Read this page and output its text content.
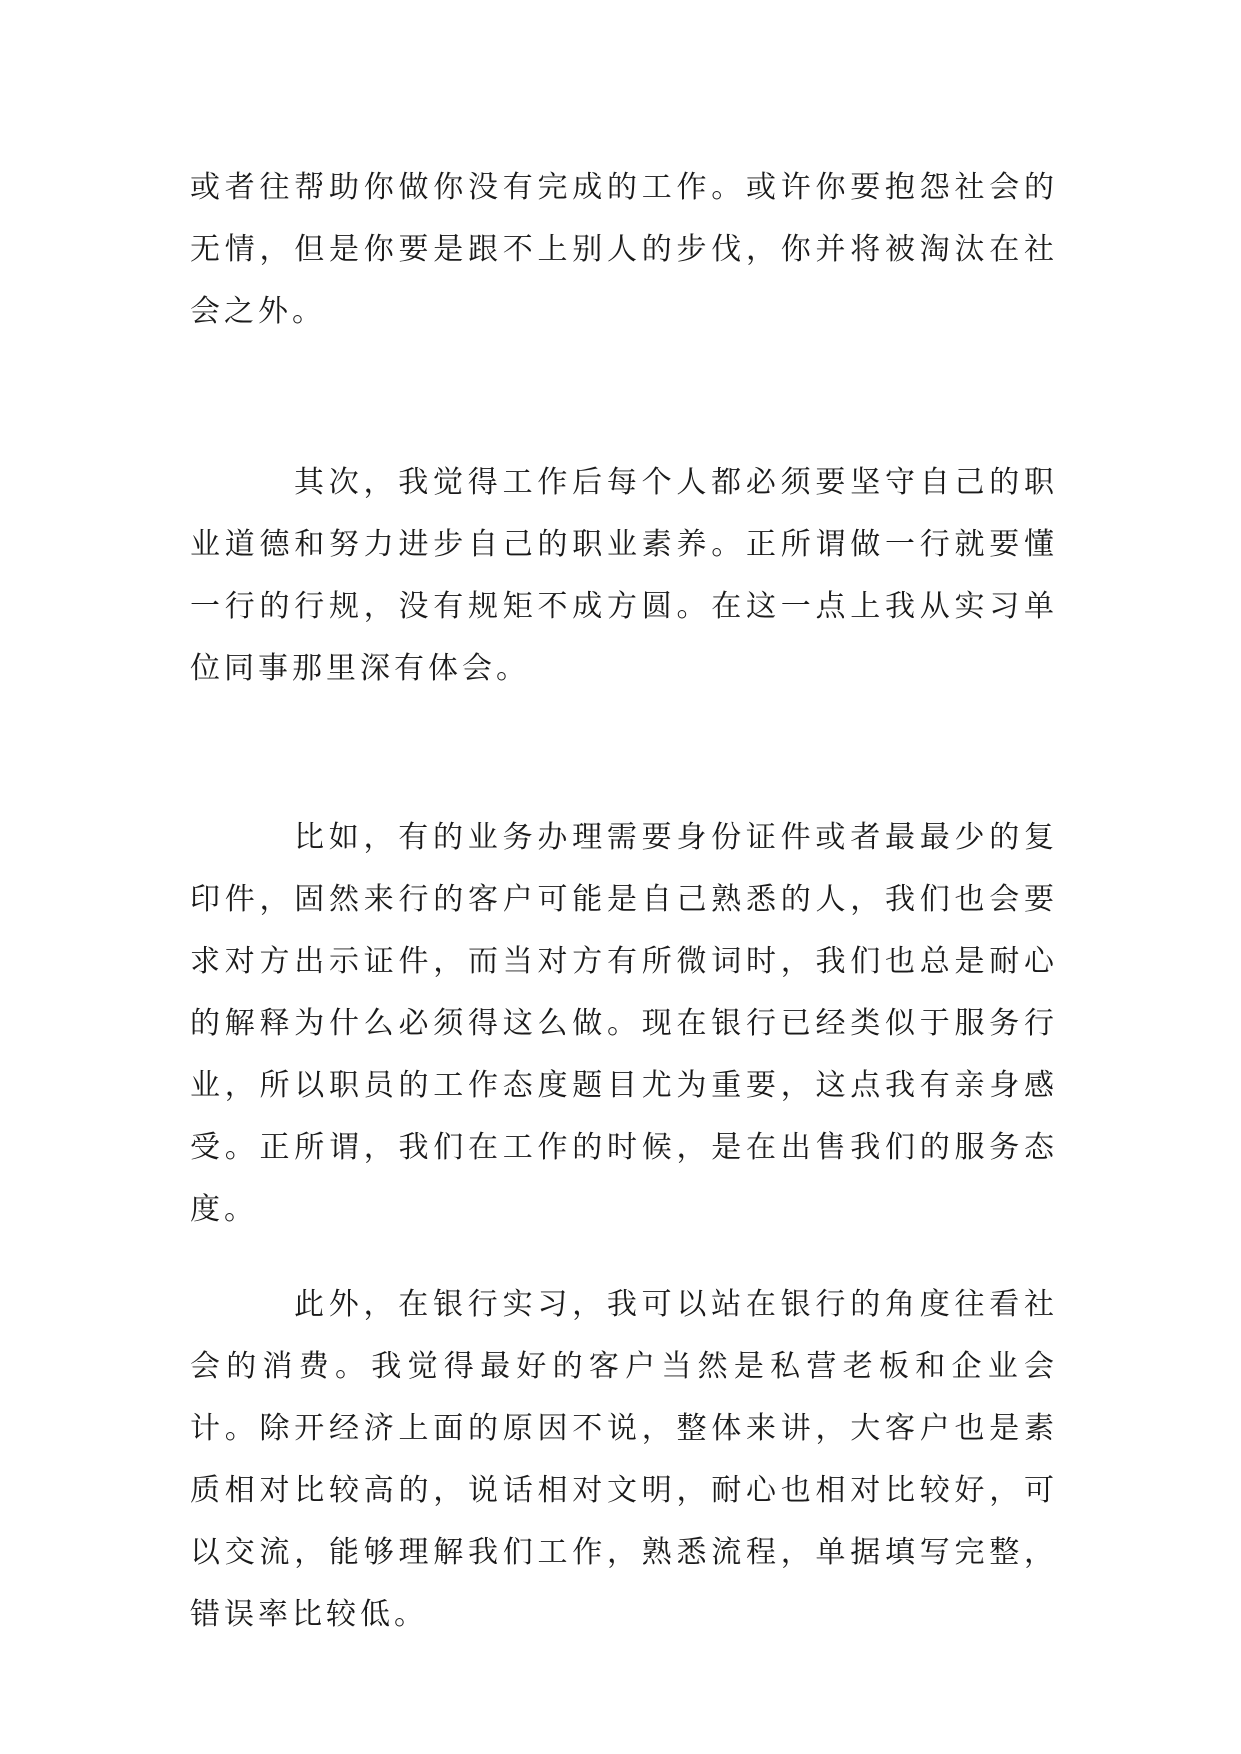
或者往帮助你做你没有完成的工作。或许你要抱怨社会的无情，但是你要是跟不上别人的步伐，你并将被淘汰在社会之外。

其次，我觉得工作后每个人都必须要坚守自己的职业道德和努力进步自己的职业素养。正所谓做一行就要懂一行的行规，没有规矩不成方圆。在这一点上我从实习单位同事那里深有体会。

比如，有的业务办理需要身份证件或者最最少的复印件，固然来行的客户可能是自己熟悉的人，我们也会要求对方出示证件，而当对方有所微词时，我们也总是耐心的解释为什么必须得这么做。现在银行已经类似于服务行业，所以职员的工作态度题目尤为重要，这点我有亲身感受。正所谓，我们在工作的时候，是在出售我们的服务态度。

此外，在银行实习，我可以站在银行的角度往看社会的消费。我觉得最好的客户当然是私营老板和企业会计。除开经济上面的原因不说，整体来讲，大客户也是素质相对比较高的，说话相对文明，耐心也相对比较好，可以交流，能够理解我们工作，熟悉流程，单据填写完整，错误率比较低。
